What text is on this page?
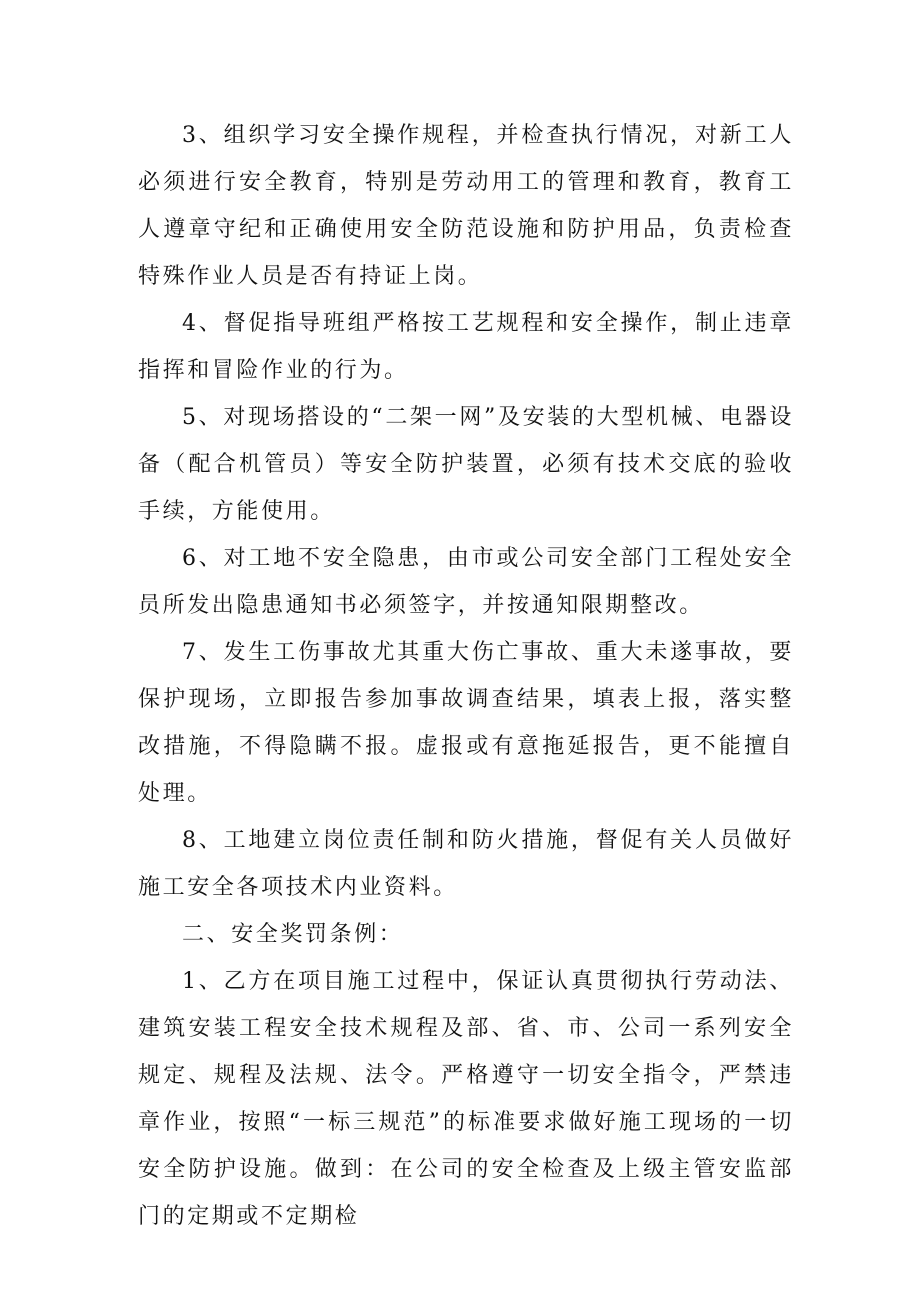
3、组织学习安全操作规程，并检查执行情况，对新工人必须进行安全教育，特别是劳动用工的管理和教育，教育工人遵章守纪和正确使用安全防范设施和防护用品，负责检查特殊作业人员是否有持证上岗。

4、督促指导班组严格按工艺规程和安全操作，制止违章指挥和冒险作业的行为。

5、对现场搭设的“二架一网”及安装的大型机械、电器设备（配合机管员）等安全防护装置，必须有技术交底的验收手续，方能使用。

6、对工地不安全隐患，由市或公司安全部门工程处安全员所发出隐患通知书必须签字，并按通知限期整改。

7、发生工伤事故尤其重大伤亡事故、重大未遂事故，要保护现场，立即报告参加事故调查结果，填表上报，落实整改措施，不得隐瞒不报。虚报或有意拖延报告，更不能擅自处理。

8、工地建立岗位责任制和防火措施，督促有关人员做好施工安全各项技术内业资料。

二、安全奖罚条例：

1、乙方在项目施工过程中，保证认真贯彻执行劳动法、建筑安装工程安全技术规程及部、省、市、公司一系列安全规定、规程及法规、法令。严格遵守一切安全指令，严禁违章作业，按照“一标三规范”的标准要求做好施工现场的一切安全防护设施。做到：在公司的安全检查及上级主管安监部门的定期或不定期检
